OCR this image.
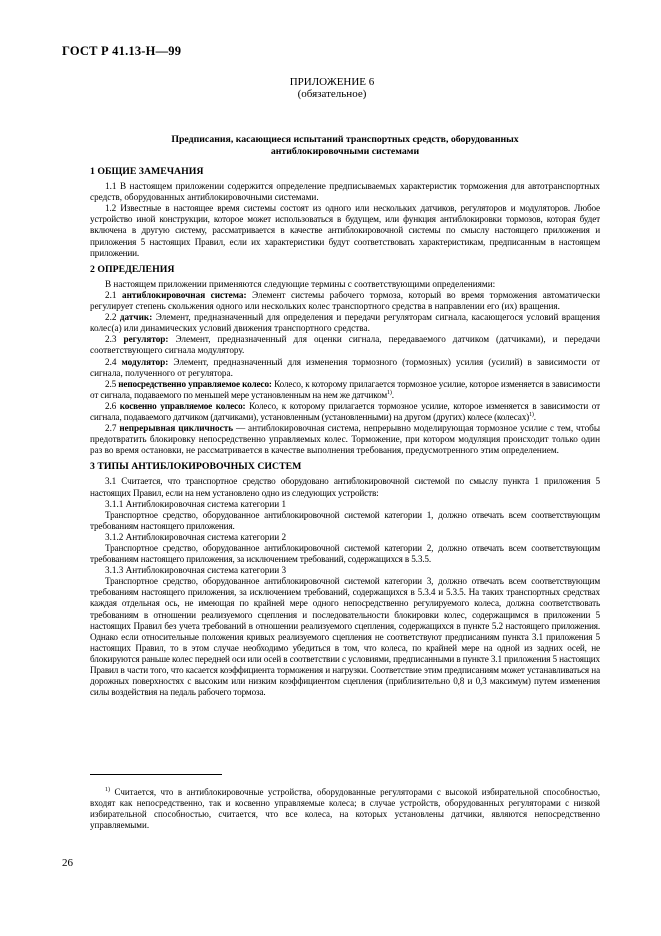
ГОСТ Р 41.13-Н—99
ПРИЛОЖЕНИЕ 6
(обязательное)
Предписания, касающиеся испытаний транспортных средств, оборудованных
антиблокировочными системами
1 ОБЩИЕ ЗАМЕЧАНИЯ

1.1 В настоящем приложении содержится определение предписываемых характеристик торможения для автотранспортных средств, оборудованных антиблокировочными системами.

1.2 Известные в настоящее время системы состоят из одного или нескольких датчиков, регуляторов и модуляторов. Любое устройство иной конструкции, которое может использоваться в будущем, или функция антиблокировки тормозов, которая будет включена в другую систему, рассматривается в качестве антиблокировочной системы по смыслу настоящего приложения и приложения 5 настоящих Правил, если их характеристики будут соответствовать характеристикам, предписанным в настоящем приложении.

2 ОПРЕДЕЛЕНИЯ

В настоящем приложении применяются следующие термины с соответствующими определениями:

2.1 антиблокировочная система: Элемент системы рабочего тормоза, который во время торможения автоматически регулирует степень скольжения одного или нескольких колес транспортного средства в направлении его (их) вращения.

2.2 датчик: Элемент, предназначенный для определения и передачи регуляторам сигнала, касающегося условий вращения колес(а) или динамических условий движения транспортного средства.

2.3 регулятор: Элемент, предназначенный для оценки сигнала, передаваемого датчиком (датчиками), и передачи соответствующего сигнала модулятору.

2.4 модулятор: Элемент, предназначенный для изменения тормозного (тормозных) усилия (усилий) в зависимости от сигнала, полученного от регулятора.

2.5 непосредственно управляемое колесо: Колесо, к которому прилагается тормозное усилие, которое изменяется в зависимости от сигнала, подаваемого по меньшей мере установленным на нем же датчиком$^{1)}$.

2.6 косвенно управляемое колесо: Колесо, к которому прилагается тормозное усилие, которое изменяется в зависимости от сигнала, подаваемого датчиком (датчиками), установленным (установленными) на другом (других) колесе (колесах)$^{1)}$.

2.7 непрерывная цикличность — антиблокировочная система, непрерывно моделирующая тормозное усилие с тем, чтобы предотвратить блокировку непосредственно управляемых колес. Торможение, при котором модуляция происходит только один раз во время остановки, не рассматривается в качестве выполнения требования, предусмотренного этим определением.

3 ТИПЫ АНТИБЛОКИРОВОЧНЫХ СИСТЕМ

3.1 Считается, что транспортное средство оборудовано антиблокировочной системой по смыслу пункта 1 приложения 5 настоящих Правил, если на нем установлено одно из следующих устройств:

3.1.1 Антиблокировочная система категории 1

Транспортное средство, оборудованное антиблокировочной системой категории 1, должно отвечать всем соответствующим требованиям настоящего приложения.

3.1.2 Антиблокировочная система категории 2

Транспортное средство, оборудованное антиблокировочной системой категории 2, должно отвечать всем соответствующим требованиям настоящего приложения, за исключением требований, содержащихся в 5.3.5.

3.1.3 Антиблокировочная система категории 3

Транспортное средство, оборудованное антиблокировочной системой категории 3, должно отвечать всем соответствующим требованиям настоящего приложения, за исключением требований, содержащихся в 5.3.4 и 5.3.5. На таких транспортных средствах каждая отдельная ось, не имеющая по крайней мере одного непосредственно регулируемого колеса, должна соответствовать требованиям в отношении реализуемого сцепления и последовательности блокировки колес, содержащимся в приложении 5 настоящих Правил без учета требований в отношении реализуемого сцепления, содержащихся в пункте 5.2 настоящего приложения. Однако если относительные положения кривых реализуемого сцепления не соответствуют предписаниям пункта 3.1 приложения 5 настоящих Правил, то в этом случае необходимо убедиться в том, что колеса, по крайней мере на одной из задних осей, не блокируются раньше колес передней оси или осей в соответствии с условиями, предписанными в пункте 3.1 приложения 5 настоящих Правил в части того, что касается коэффициента торможения и нагрузки. Соответствие этим предписаниям может устанавливаться на дорожных поверхностях с высоким или низким коэффициентом сцепления (приблизительно 0,8 и 0,3 максимум) путем изменения силы воздействия на педаль рабочего тормоза.

$^{1)}$ Считается, что в антиблокировочные устройства, оборудованные регуляторами с высокой избирательной способностью, входят как непосредственно, так и косвенно управляемые колеса; в случае устройств, оборудованных регуляторами с низкой избирательной способностью, считается, что все колеса, на которых установлены датчики, являются непосредственно управляемыми.

26
